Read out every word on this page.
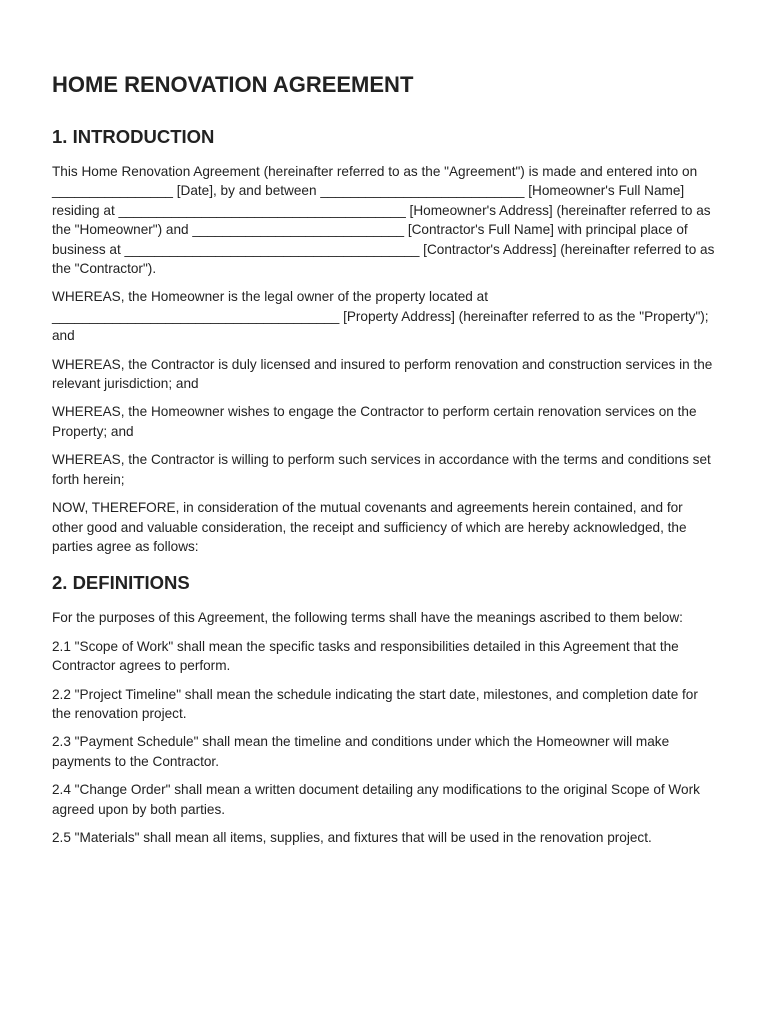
HOME RENOVATION AGREEMENT
1. INTRODUCTION

This Home Renovation Agreement (hereinafter referred to as the "Agreement") is made and entered into on ________________ [Date], by and between ___________________________ [Homeowner's Full Name] residing at ______________________________________ [Homeowner's Address] (hereinafter referred to as the "Homeowner") and ____________________________ [Contractor's Full Name] with principal place of business at _______________________________________ [Contractor's Address] (hereinafter referred to as the "Contractor").

WHEREAS, the Homeowner is the legal owner of the property located at ______________________________________ [Property Address] (hereinafter referred to as the "Property"); and

WHEREAS, the Contractor is duly licensed and insured to perform renovation and construction services in the relevant jurisdiction; and

WHEREAS, the Homeowner wishes to engage the Contractor to perform certain renovation services on the Property; and

WHEREAS, the Contractor is willing to perform such services in accordance with the terms and conditions set forth herein;

NOW, THEREFORE, in consideration of the mutual covenants and agreements herein contained, and for other good and valuable consideration, the receipt and sufficiency of which are hereby acknowledged, the parties agree as follows:

2. DEFINITIONS

For the purposes of this Agreement, the following terms shall have the meanings ascribed to them below:

2.1 "Scope of Work" shall mean the specific tasks and responsibilities detailed in this Agreement that the Contractor agrees to perform.

2.2 "Project Timeline" shall mean the schedule indicating the start date, milestones, and completion date for the renovation project.

2.3 "Payment Schedule" shall mean the timeline and conditions under which the Homeowner will make payments to the Contractor.

2.4 "Change Order" shall mean a written document detailing any modifications to the original Scope of Work agreed upon by both parties.

2.5 "Materials" shall mean all items, supplies, and fixtures that will be used in the renovation project.
